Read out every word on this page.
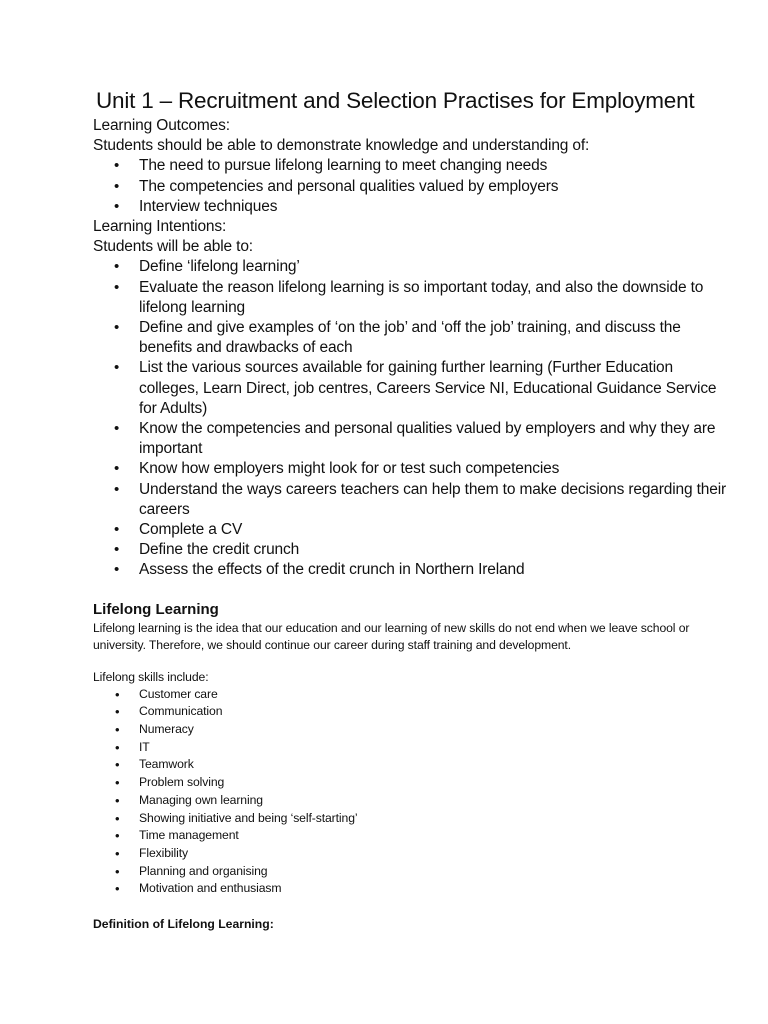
Unit 1 – Recruitment and Selection Practises for Employment

Learning Outcomes:

Students should be able to demonstrate knowledge and understanding of:

• The need to pursue lifelong learning to meet changing needs
• The competencies and personal qualities valued by employers
• Interview techniques

Learning Intentions:

Students will be able to:

• Define ‘lifelong learning’
• Evaluate the reason lifelong learning is so important today, and also the downside to lifelong learning
• Define and give examples of ‘on the job’ and ‘off the job’ training, and discuss the benefits and drawbacks of each
• List the various sources available for gaining further learning (Further Education colleges, Learn Direct, job centres, Careers Service NI, Educational Guidance Service for Adults)
• Know the competencies and personal qualities valued by employers and why they are important
• Know how employers might look for or test such competencies
• Understand the ways careers teachers can help them to make decisions regarding their careers
• Complete a CV
• Define the credit crunch
• Assess the effects of the credit crunch in Northern Ireland
Lifelong Learning

Lifelong learning is the idea that our education and our learning of new skills do not end when we leave school or university. Therefore, we should continue our career during staff training and development.

Lifelong skills include:

• Customer care
• Communication
• Numeracy
• IT
• Teamwork
• Problem solving
• Managing own learning
• Showing initiative and being ‘self-starting’
• Time management
• Flexibility
• Planning and organising
• Motivation and enthusiasm
Definition of Lifelong Learning:
